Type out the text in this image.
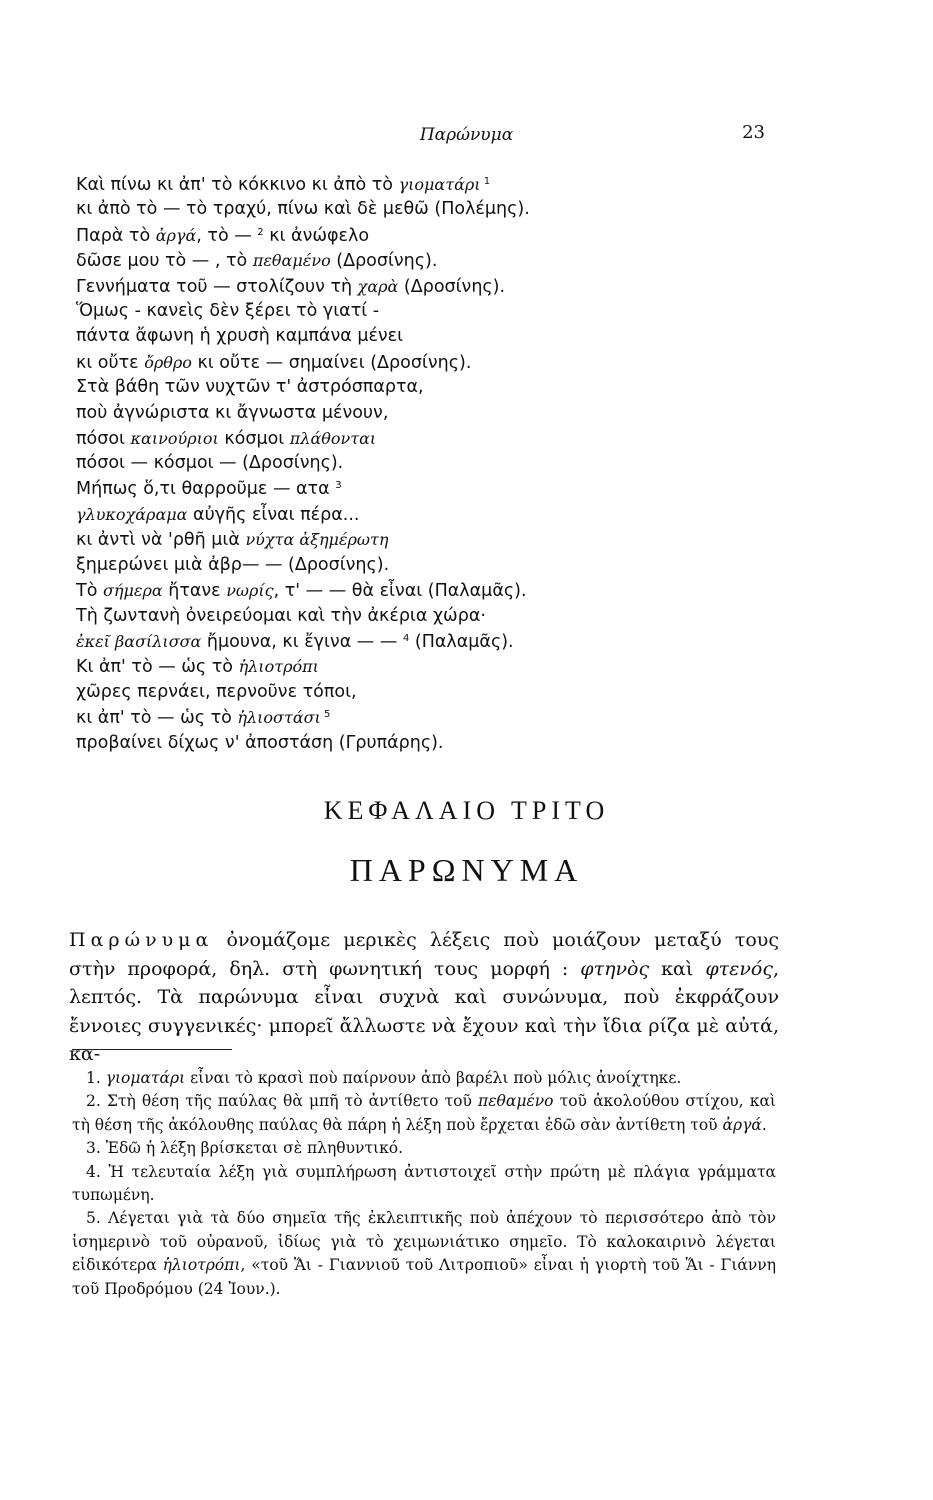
Παρώνυμα	23
Καὶ πίνω κι ἀπ' τὸ κόκκινο κι ἀπὸ τὸ γιοματάρι $^1$
κι ἀπὸ τὸ — τὸ τραχύ, πίνω καὶ δὲ μεθῶ (Πολέμης).
Παρὰ τὸ ἀργά, τὸ — $^2$ κι ἀνώφελο
δῶσε μου τὸ — , τὸ πεθαμένο (Δροσίνης).
Γεννήματα τοῦ — στολίζουν τὴ χαρὰ (Δροσίνης).
Ὅμως - κανεὶς δὲν ξέρει τὸ γιατί -
πάντα ἄφωνη ἡ χρυσὴ καμπάνα μένει
κι οὔτε ὄρθρο κι οὔτε — σημαίνει (Δροσίνης).
Στὰ βάθη τῶν νυχτῶν τ' ἀστρόσπαρτα,
ποὺ ἀγνώριστα κι ἄγνωστα μένουν,
πόσοι καινούριοι κόσμοι πλάθονται
πόσοι — κόσμοι — (Δροσίνης).
Μήπως ὅ,τι θαρροῦμε — ατα $^3$
γλυκοχάραμα αὐγῆς εἶναι πέρα...
κι ἀντὶ νὰ 'ρθῆ μιὰ νύχτα ἀξημέρωτη
ξημερώνει μιὰ ἀβρ— — (Δροσίνης).
Τὸ σήμερα ἤτανε νωρίς, τ' — — θὰ εἶναι (Παλαμᾶς).
Τὴ ζωντανὴ ὀνειρεύομαι καὶ τὴν ἀκέρια χώρα·
ἐκεῖ βασίλισσα ἤμουνα, κι ἔγινα — — $^4$ (Παλαμᾶς).
Κι ἀπ' τὸ — ὡς τὸ ἡλιοτρόπι
χῶρες περνάει, περνοῦνε τόποι,
κι ἀπ' τὸ — ὡς τὸ ἡλιοστάσι $^5$
προβαίνει δίχως ν' ἀποστάση (Γρυπάρης).
ΚΕΦΑΛΑΙΟ ΤΡΙΤΟ
ΠΑΡΩΝΥΜΑ
Παρώνυμα ὀνομάζομε μερικὲς λέξεις ποὺ μοιάζουν μεταξύ τους στὴν προφορά, δηλ. στὴ φωνητική τους μορφή : φτηνὸς καὶ φτενός, λεπτός. Τὰ παρώνυμα εἶναι συχνὰ καὶ συνώνυμα, ποὺ ἐκφράζουν ἔννοιες συγγενικές· μπορεῖ ἄλλωστε νὰ ἔχουν καὶ τὴν ἴδια ρίζα μὲ αὐτά, κα-

1. γιοματάρι εἶναι τὸ κρασὶ ποὺ παίρνουν ἀπὸ βαρέλι ποὺ μόλις ἀνοίχτηκε.

2. Στὴ θέση τῆς παύλας θὰ μπῆ τὸ ἀντίθετο τοῦ πεθαμένο τοῦ ἀκολούθου στίχου, καὶ τὴ θέση τῆς ἀκόλουθης παύλας θὰ πάρη ἡ λέξη ποὺ ἔρχεται ἐδῶ σὰν ἀντίθετη τοῦ ἀργά.

3. Ἐδῶ ἡ λέξη βρίσκεται σὲ πληθυντικό.

4. Ἡ τελευταία λέξη γιὰ συμπλήρωση ἀντιστοιχεῖ στὴν πρώτη μὲ πλάγια γράμματα τυπωμένη.

5. Λέγεται γιὰ τὰ δύο σημεῖα τῆς ἐκλειπτικῆς ποὺ ἀπέχουν τὸ περισσότερο ἀπὸ τὸν ἰσημερινὸ τοῦ οὐρανοῦ, ἰδίως γιὰ τὸ χειμωνιάτικο σημεῖο. Τὸ καλοκαιρινὸ λέγεται εἰδικότερα ἡλιοτρόπι, «τοῦ Ἅι - Γιαννιοῦ τοῦ Λιτροπιοῦ» εἶναι ἡ γιορτὴ τοῦ Ἅι - Γιάννη τοῦ Προδρόμου (24 Ἰουν.).
